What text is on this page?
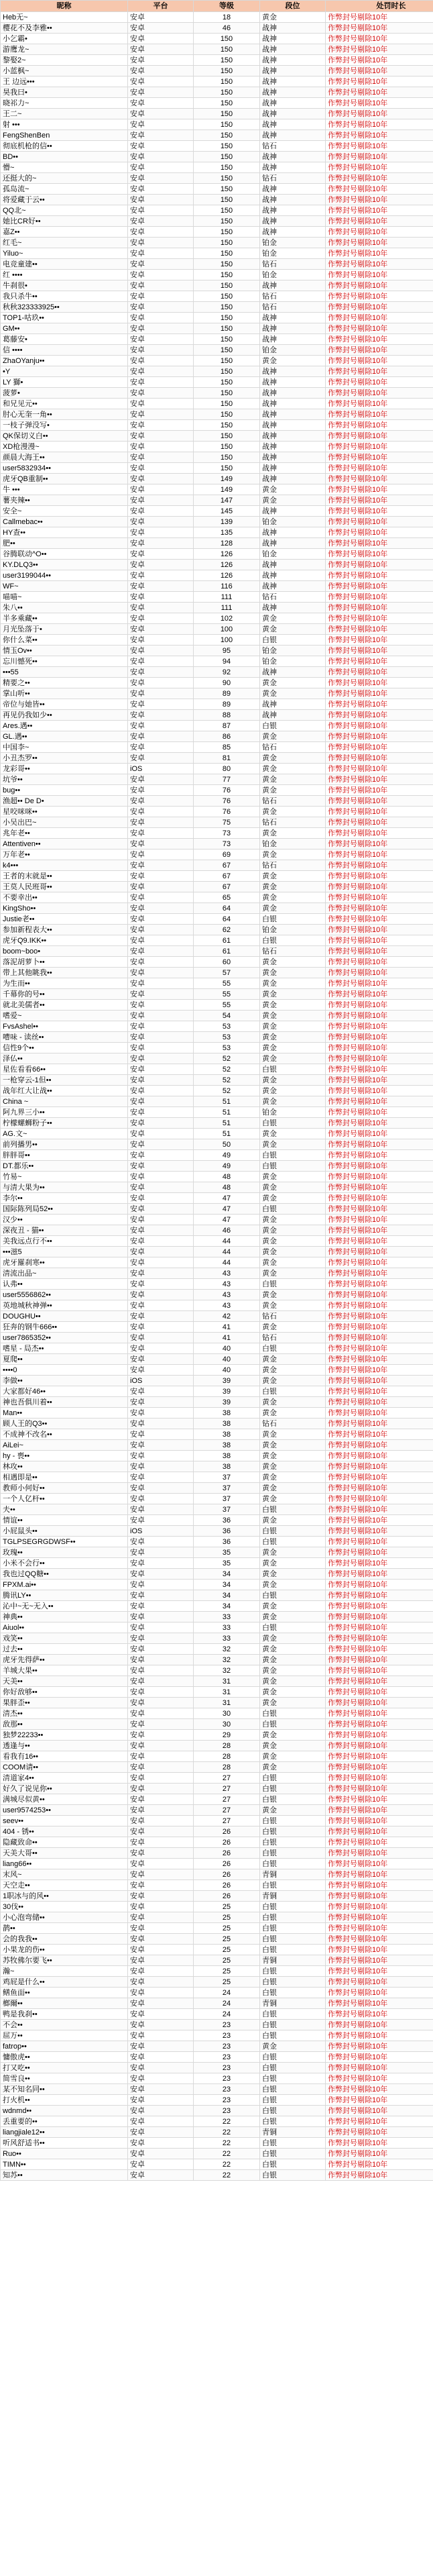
昵称	平台	等级	段位	处罚时长
Heb无~	安卓	18	黄金	作弊封号剔除10年
樱花不及李雅••	安卓	46	战神	作弊封号剔除10年
小乞霸•	安卓	150	战神	作弊封号剔除10年
游鹰龙~	安卓	150	战神	作弊封号剔除10年
黎娶2~	安卓	150	战神	作弊封号剔除10年
小蓝枫~	安卓	150	战神	作弊封号剔除10年
王 边远•••	安卓	150	战神	作弊封号剔除10年
昊我曰•	安卓	150	战神	作弊封号剔除10年
晓祁力~	安卓	150	战神	作弊封号剔除10年
王二~	安卓	150	战神	作弊封号剔除10年
射 •••	安卓	150	战神	作弊封号剔除10年
FengShenBen	安卓	150	战神	作弊封号剔除10年
彻底机枪的信••	安卓	150	钻石	作弊封号剔除10年
BD••	安卓	150	战神	作弊封号剔除10年
懵~	安卓	150	战神	作弊封号剔除10年
还挺大的~	安卓	150	钻石	作弊封号剔除10年
孤岛流~	安卓	150	战神	作弊封号剔除10年
将爱藏于云••	安卓	150	战神	作弊封号剔除10年
QQ北~	安卓	150	战神	作弊封号剔除10年
她比CR好••	安卓	150	战神	作弊封号剔除10年
嘉Z••	安卓	150	战神	作弊封号剔除10年
红毛~	安卓	150	铂金	作弊封号剔除10年
Yiluo~	安卓	150	铂金	作弊封号剔除10年
电竞童建••	安卓	150	钻石	作弊封号剔除10年
红 ••••	安卓	150	铂金	作弊封号剔除10年
牛刹很•	安卓	150	战神	作弊封号剔除10年
我只杀牛••	安卓	150	钻石	作弊封号剔除10年
秋秋323333925••	安卓	150	钻石	作弊封号剔除10年
TOP1-咕玖••	安卓	150	战神	作弊封号剔除10年
GM••	安卓	150	战神	作弊封号剔除10年
葛藤安•	安卓	150	战神	作弊封号剔除10年
信 ••••	安卓	150	铂金	作弊封号剔除10年
ZhaOYanju••	安卓	150	黄金	作弊封号剔除10年
•Y	安卓	150	战神	作弊封号剔除10年
LY 獅•	安卓	150	战神	作弊封号剔除10年
菠萝•	安卓	150	战神	作弊封号剔除10年
和兄见元••	安卓	150	战神	作弊封号剔除10年
肘心无奎一角••	安卓	150	战神	作弊封号剔除10年
一枝子弹没写•	安卓	150	战神	作弊封号剔除10年
QK保切义白••	安卓	150	战神	作弊封号剔除10年
XD枪漫漫~	安卓	150	战神	作弊封号剔除10年
颜晨大海王••	安卓	150	战神	作弊封号剔除10年
user5832934••	安卓	150	战神	作弊封号剔除10年
虎牙QB重制••	安卓	149	战神	作弊封号剔除10年
牛 •••	安卓	149	黄金	作弊封号剔除10年
薯夹辣••	安卓	147	黄金	作弊封号剔除10年
安全~	安卓	145	战神	作弊封号剔除10年
Callmebac••	安卓	139	铂金	作弊封号剔除10年
HY查••	安卓	135	战神	作弊封号剔除10年
肥••	安卓	128	战神	作弊封号剔除10年
谷腾联动^O••	安卓	126	铂金	作弊封号剔除10年
KY.DLQ3••	安卓	126	战神	作弊封号剔除10年
user3199044••	安卓	126	战神	作弊封号剔除10年
WF~	安卓	116	战神	作弊封号剔除10年
喵喵~	安卓	111	钻石	作弊封号剔除10年
朱八••	安卓	111	战神	作弊封号剔除10年
半多乘藏••	安卓	102	黄金	作弊封号剔除10年
月光坠落于•	安卓	100	黄金	作弊封号剔除10年
你什么菜••	安卓	100	白银	作弊封号剔除10年
情玉Ov••	安卓	95	铂金	作弊封号剔除10年
忘川憾死••	安卓	94	铂金	作弊封号剔除10年
•••55	安卓	92	战神	作弊封号剔除10年
精要之••	安卓	90	黄金	作弊封号剔除10年
掌山听••	安卓	89	黄金	作弊封号剔除10年
帝位与她皆••	安卓	89	战神	作弊封号剔除10年
再见仍我如少••	安卓	88	战神	作弊封号剔除10年
Ares.遇••	安卓	87	白银	作弊封号剔除10年
GL.遇••	安卓	86	黄金	作弊封号剔除10年
中国李~	安卓	85	钻石	作弊封号剔除10年
小丑杰罗••	安卓	81	黄金	作弊封号剔除10年
龙彩哥••	iOS	80	黄金	作弊封号剔除10年
坑爷••	安卓	77	黄金	作弊封号剔除10年
bug••	安卓	76	黄金	作弊封号剔除10年
渔超•• De D•	安卓	76	钻石	作弊封号剔除10年
星咬咪咪••	安卓	76	黄金	作弊封号剔除10年
小吴出巴~	安卓	75	钻石	作弊封号剔除10年
兆年老••	安卓	73	黄金	作弊封号剔除10年
Attentiven••	安卓	73	铂金	作弊封号剔除10年
万年老••	安卓	69	黄金	作弊封号剔除10年
k4•••	安卓	67	钻石	作弊封号剔除10年
王者的末就是••	安卓	67	黄金	作弊封号剔除10年
王莫人民班哥••	安卓	67	黄金	作弊封号剔除10年
不要幸出••	安卓	65	黄金	作弊封号剔除10年
KingSho••	安卓	64	黄金	作弊封号剔除10年
Justie老••	安卓	64	白银	作弊封号剔除10年
参加新程表大••	安卓	62	铂金	作弊封号剔除10年
虎牙Q9.IKK••	安卓	61	白银	作弊封号剔除10年
boom~boo•	安卓	61	钻石	作弊封号剔除10年
落泥胡萝卜••	安卓	60	黄金	作弊封号剔除10年
带上其他眺我••	安卓	57	黄金	作弊封号剔除10年
为生而••	安卓	55	黄金	作弊封号剔除10年
千幕你的号••	安卓	55	黄金	作弊封号剔除10年
就北美儒者••	安卓	55	黄金	作弊封号剔除10年
嗜爱~	安卓	54	黄金	作弊封号剔除10年
FvsAshel••	安卓	53	黄金	作弊封号剔除10年
嘈味 - 读丝••	安卓	53	黄金	作弊封号剔除10年
信性9个••	安卓	53	黄金	作弊封号剔除10年
泽仏••	安卓	52	黄金	作弊封号剔除10年
星佐看看66••	安卓	52	白银	作弊封号剔除10年
一枪穿云-1但••	安卓	52	黄金	作弊封号剔除10年
战年红大让战••	安卓	52	黄金	作弊封号剔除10年
China ~	安卓	51	黄金	作弊封号剔除10年
阿九界三小••	安卓	51	铂金	作弊封号剔除10年
柠檬螺蛳粉子••	安卓	51	白银	作弊封号剔除10年
AG.文~	安卓	51	黄金	作弊封号剔除10年
前列播男••	安卓	50	黄金	作弊封号剔除10年
胖胖哥••	安卓	49	白银	作弊封号剔除10年
DT.都乐••	安卓	49	白银	作弊封号剔除10年
竹易~	安卓	48	黄金	作弊封号剔除10年
与清大果为••	安卓	48	黄金	作弊封号剔除10年
李尔••	安卓	47	黄金	作弊封号剔除10年
国际陈列局52••	安卓	47	白银	作弊封号剔除10年
汉少••	安卓	47	黄金	作弊封号剔除10年
深夜丑 - 猫••	安卓	46	黄金	作弊封号剔除10年
美我远点行不••	安卓	44	黄金	作弊封号剔除10年
•••滋5	安卓	44	黄金	作弊封号剔除10年
虎牙羅刹寒••	安卓	44	黄金	作弊封号剔除10年
清流出品~	安卓	43	黄金	作弊封号剔除10年
认弗••	安卓	43	白银	作弊封号剔除10年
user5556862••	安卓	43	黄金	作弊封号剔除10年
英地城秋神弹••	安卓	43	黄金	作弊封号剔除10年
DOUGHU••	安卓	42	钻石	作弊封号剔除10年
狂奔的钢牛666••	安卓	41	黄金	作弊封号剔除10年
user7865352••	安卓	41	钻石	作弊封号剔除10年
嗜星 - 局杰••	安卓	40	白银	作弊封号剔除10年
夏爬••	安卓	40	黄金	作弊封号剔除10年
••••0	安卓	40	黄金	作弊封号剔除10年
李做••	iOS	39	黄金	作弊封号剔除10年
大家都好46••	安卓	39	白银	作弊封号剔除10年
神也吾俱川着••	安卓	39	黄金	作弊封号剔除10年
Man••	安卓	38	黄金	作弊封号剔除10年
顾人王的Q3••	安卓	38	钻石	作弊封号剔除10年
不成神不改名••	安卓	38	黄金	作弊封号剔除10年
AiLei~	安卓	38	黄金	作弊封号剔除10年
hy - 喪••	安卓	38	黄金	作弊封号剔除10年
林攻••	安卓	38	黄金	作弊封号剔除10年
相遇即是••	安卓	37	黄金	作弊封号剔除10年
教师小何好••	安卓	37	黄金	作弊封号剔除10年
一个人亿杆••	安卓	37	黄金	作弊封号剔除10年
夫••	安卓	37	白银	作弊封号剔除10年
情谊••	安卓	36	黄金	作弊封号剔除10年
小屁鼠头••	iOS	36	白银	作弊封号剔除10年
TGLPSEGRGDWSF••	安卓	36	白银	作弊封号剔除10年
玫瑰••	安卓	35	黄金	作弊封号剔除10年
小米不会行••	安卓	35	黄金	作弊封号剔除10年
我也过QQ糖••	安卓	34	黄金	作弊封号剔除10年
FPXM.ai••	安卓	34	黄金	作弊封号剔除10年
腾讯LY••	安卓	34	白银	作弊封号剔除10年
沁中~无~无入••	安卓	34	黄金	作弊封号剔除10年
神典••	安卓	33	黄金	作弊封号剔除10年
Aiuol••	安卓	33	白银	作弊封号剔除10年
戏笑••	安卓	33	黄金	作弊封号剔除10年
过去••	安卓	32	黄金	作弊封号剔除10年
虎牙先得萨••	安卓	32	黄金	作弊封号剔除10年
羊城大果••	安卓	32	黄金	作弊封号剔除10年
天美••	安卓	31	黄金	作弊封号剔除10年
你好敌够••	安卓	31	黄金	作弊封号剔除10年
果胖歪••	安卓	31	黄金	作弊封号剔除10年
清杰••	安卓	30	白银	作弊封号剔除10年
敌那••	安卓	30	白银	作弊封号剔除10年
独梦22233••	安卓	29	黄金	作弊封号剔除10年
透逢与••	安卓	28	黄金	作弊封号剔除10年
看我有16••	安卓	28	黄金	作弊封号剔除10年
COOM请••	安卓	28	黄金	作弊封号剔除10年
清道家4••	安卓	27	白银	作弊封号剔除10年
好久了说见你••	安卓	27	白银	作弊封号剔除10年
满城尽似黄••	安卓	27	白银	作弊封号剔除10年
user9574253••	安卓	27	黄金	作弊封号剔除10年
seev••	安卓	27	白银	作弊封号剔除10年
404 - 锈••	安卓	26	白银	作弊封号剔除10年
隐藏致命••	安卓	26	白银	作弊封号剔除10年
天美大哥••	安卓	26	白银	作弊封号剔除10年
liang66••	安卓	26	白银	作弊封号剔除10年
末风~	安卓	26	青铜	作弊封号剔除10年
天空走••	安卓	26	白银	作弊封号剔除10年
1职冰与的风••	安卓	26	青铜	作弊封号剔除10年
30伐••	安卓	25	白银	作弊封号剔除10年
小心泡弯储••	安卓	25	白银	作弊封号剔除10年
鹊••	安卓	25	白银	作弊封号剔除10年
会的我我••	安卓	25	白银	作弊封号剔除10年
小果龙的伤••	安卓	25	白银	作弊封号剔除10年
苏牧佛尔要飞••	安卓	25	青铜	作弊封号剔除10年
瀚~	安卓	25	白银	作弊封号剔除10年
鸡屁是什么••	安卓	25	白银	作弊封号剔除10年
鳝鱼面••	安卓	24	白银	作弊封号剔除10年
榔爾••	安卓	24	青铜	作弊封号剔除10年
鸭是我刹••	安卓	24	白银	作弊封号剔除10年
不会••	安卓	23	白银	作弊封号剔除10年
屈万••	安卓	23	白银	作弊封号剔除10年
fatrop••	安卓	23	黄金	作弊封号剔除10年
慵傲虎••	安卓	23	白银	作弊封号剔除10年
打又吃••	安卓	23	白银	作弊封号剔除10年
简雪良••	安卓	23	白银	作弊封号剔除10年
某不知名同••	安卓	23	白银	作弊封号剔除10年
打火机••	安卓	23	白银	作弊封号剔除10年
wdnmd••	安卓	23	白银	作弊封号剔除10年
丢重要的••	安卓	22	白银	作弊封号剔除10年
liangjiale12••	安卓	22	青铜	作弊封号剔除10年
听风舒适书••	安卓	22	白银	作弊封号剔除10年
Ruo••	安卓	22	白银	作弊封号剔除10年
TIMN••	安卓	22	白银	作弊封号剔除10年
知苏••	安卓	22	白银	作弊封号剔除10年
